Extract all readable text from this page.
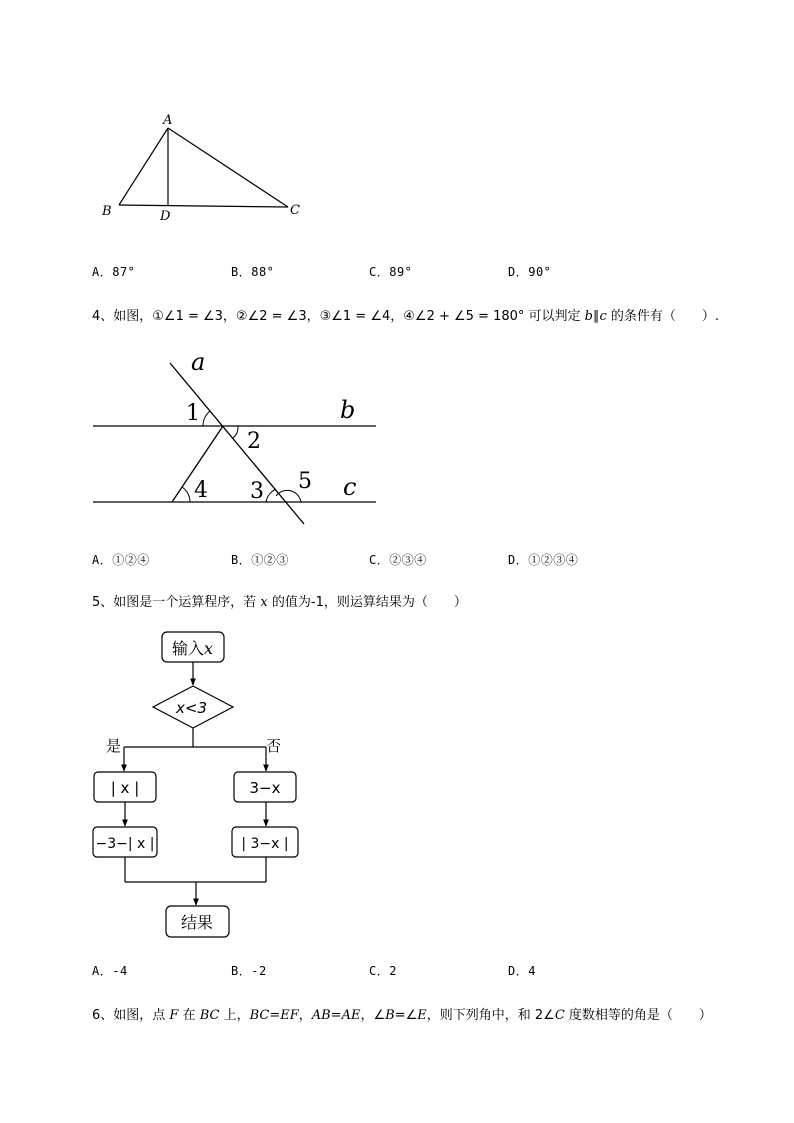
A
B	D	C
A．87°	B．88°	C．89°	D．90°
4、如图，①∠1 = ∠3，②∠2 = ∠3，③∠1 = ∠4，④∠2 + ∠5 = 180° 可以判定 b∥c 的条件有（　　）.
a
b
c
1
2
4 3 5
A．①②④	B．①②③	C．②③④	D．①②③④
5、如图是一个运算程序，若 x 的值为-1，则运算结果为（　　）
输入x
x<3
是	否
| x |
−3−| x |
3−x
| 3−x |
结果
A．-4	B．-2	C．2	D．4
6、如图，点 F 在 BC 上，BC=EF，AB=AE，∠B=∠E，则下列角中，和 2∠C 度数相等的角是（　　）
